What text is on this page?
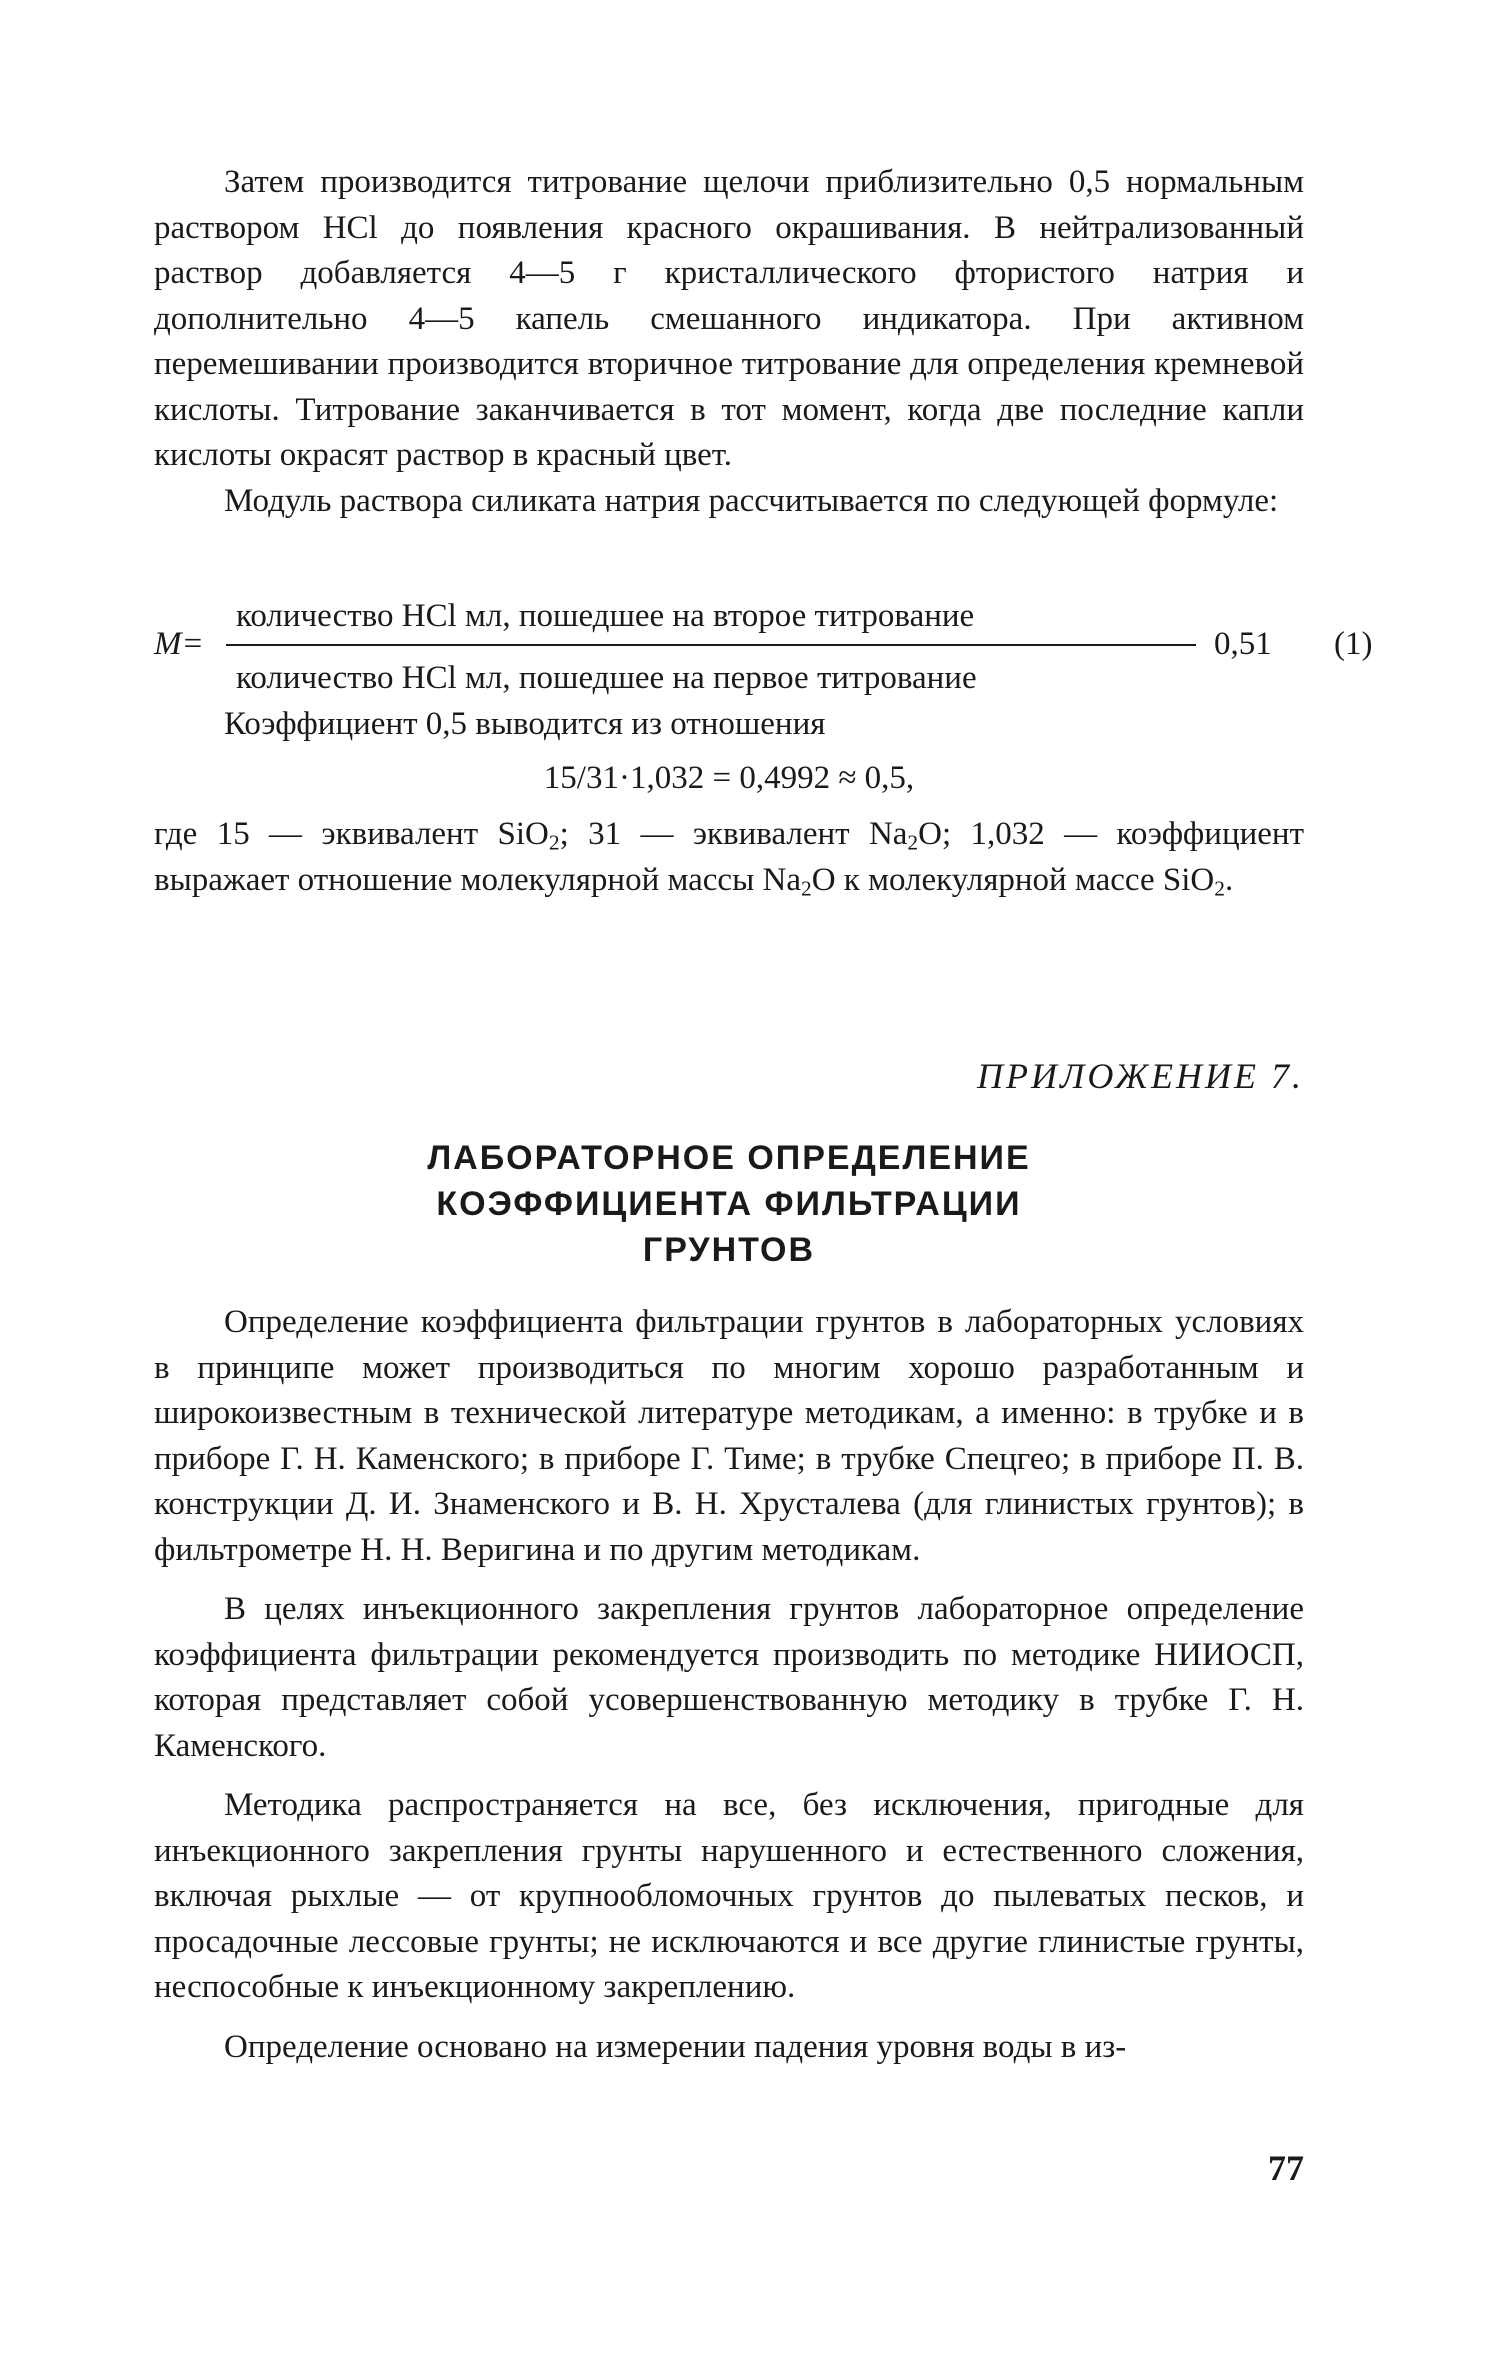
Затем производится титрование щелочи приблизительно 0,5 нормальным раствором HCl до появления красного окрашивания. В нейтрализованный раствор добавляется 4—5 г кристаллического фтористого натрия и дополнительно 4—5 капель смешанного индикатора. При активном перемешивании производится вторичное титрование для определения кремневой кислоты. Титрование заканчивается в тот момент, когда две последние капли кислоты окрасят раствор в красный цвет.

Модуль раствора силиката натрия рассчитывается по следующей формуле:

M=
количество HCl мл, пошедшее на второе титрование
количество HCl мл, пошедшее на первое титрование
0,51 (1)

Коэффициент 0,5 выводится из отношения

15/31·1,032 = 0,4992 ≈ 0,5,

где 15 — эквивалент SiO$_2$; 31 — эквивалент $Na_2O$; 1,032 — коэффициент выражает отношение молекулярной массы $Na_2O$ к молекулярной массе SiO$_2$.

ПРИЛОЖЕНИЕ 7.
ЛАБОРАТОРНОЕ ОПРЕДЕЛЕНИЕ
КОЭФФИЦИЕНТА ФИЛЬТРАЦИИ
ГРУНТОВ

Определение коэффициента фильтрации грунтов в лабораторных условиях в принципе может производиться по многим хорошо разработанным и широкоизвестным в технической литературе методикам, а именно: в трубке и в приборе Г. Н. Каменского; в приборе Г. Тиме; в трубке Спецгео; в приборе П. В. конструкции Д. И. Знаменского и В. Н. Хрусталева (для глинистых грунтов); в фильтрометре Н. Н. Веригина и по другим методикам.

В целях инъекционного закрепления грунтов лабораторное определение коэффициента фильтрации рекомендуется производить по методике НИИОСП, которая представляет собой усовершенствованную методику в трубке Г. Н. Каменского.

Методика распространяется на все, без исключения, пригодные для инъекционного закрепления грунты нарушенного и естественного сложения, включая рыхлые — от крупнообломочных грунтов до пылеватых песков, и просадочные лессовые грунты; не исключаются и все другие глинистые грунты, неспособные к инъекционному закреплению.

Определение основано на измерении падения уровня воды в из-

77
